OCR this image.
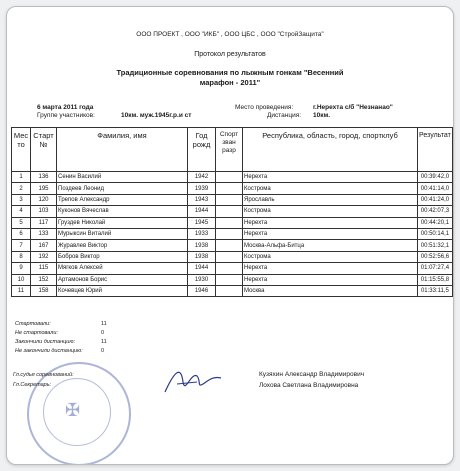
ООО ПРОЕКТ , ООО "ИКБ" , ООО ЦБС , ООО "СтройЗащита"
Протокол результатов
Традиционные соревнования по лыжным гонкам "Весенний
марафон - 2011"
6 марта 2011 года
Группе участников:	10км. муж.1945г.р.и ст
Место проведения:	г.Нерехта с/б "Незнанао"
Дистанция: 10км.
Мес то	Старт №	Фамилия, имя	Год рожд	Спорт зван разр	Республика, область, город, спортклуб	Результат
1	136	Сенин Василий	1942		Нерехта	00:39:42,0
2	195	Поздеев Леонид	1939		Кострома	00:41:14,0
3	120	Трепов Александр	1943		Ярославль	00:41:24,0
4	103	Куконов Вячеслав	1944		Кострома	00:42:07,3
5	117	Груздев Николай	1945		Нерехта	00:44:20,1
6	133	Мурыксин Виталий	1933		Нерехта	00:50:14,1
7	167	Журавлев Виктор	1938		Москва-Альфа-Битца	00:51:32,1
8	192	Бобров Виктор	1938		Кострома	00:52:56,6
9	115	Мягков Алексей	1944		Нерехта	01:07:27,4
10	152	Артамонов Борис	1930		Нерехта	01:15:55,8
11	158	Кочевцев Юрий	1946		Москва	01:33:11,5
Стартовали:	11
Не стартовали:	0
Закончили дистанцию:	11
Не закончили дистанцию:	0
✠
Гл.судья соревнований:
Гл.Секретарь:
Кузяхин Александр Владимирович
Лохова Светлана Владимировна
